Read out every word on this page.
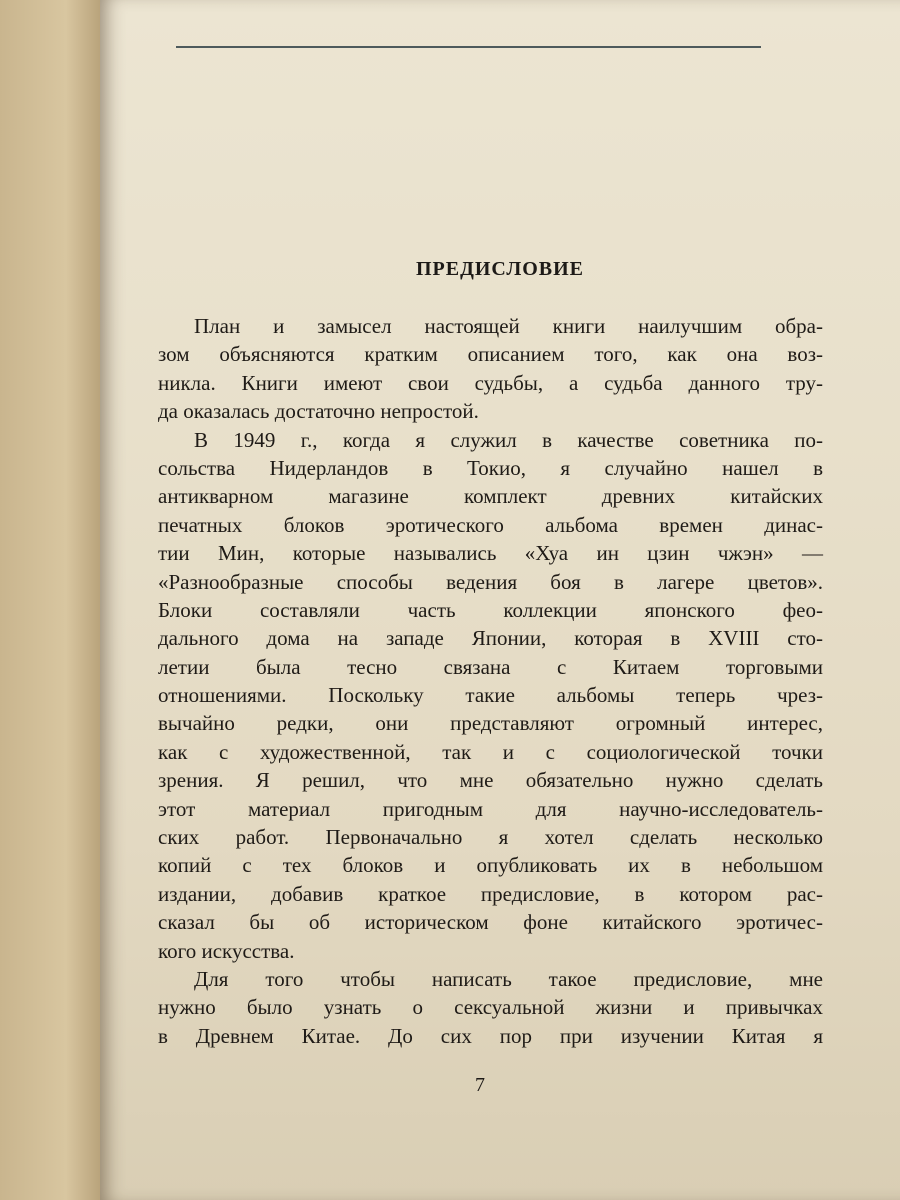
ПРЕДИСЛОВИЕ
План и замысел настоящей книги наилучшим обра-
зом объясняются кратким описанием того, как она воз-
никла. Книги имеют свои судьбы, а судьба данного тру-
да оказалась достаточно непростой.
В 1949 г., когда я служил в качестве советника по-
сольства Нидерландов в Токио, я случайно нашел в
антикварном магазине комплект древних китайских
печатных блоков эротического альбома времен динас-
тии Мин, которые назывались «Хуа ин цзин чжэн» —
«Разнообразные способы ведения боя в лагере цветов».
Блоки составляли часть коллекции японского фео-
дального дома на западе Японии, которая в XVIII сто-
летии была тесно связана с Китаем торговыми
отношениями. Поскольку такие альбомы теперь чрез-
вычайно редки, они представляют огромный интерес,
как с художественной, так и с социологической точки
зрения. Я решил, что мне обязательно нужно сделать
этот материал пригодным для научно-исследователь-
ских работ. Первоначально я хотел сделать несколько
копий с тех блоков и опубликовать их в небольшом
издании, добавив краткое предисловие, в котором рас-
сказал бы об историческом фоне китайского эротичес-
кого искусства.
Для того чтобы написать такое предисловие, мне
нужно было узнать о сексуальной жизни и привычках
в Древнем Китае. До сих пор при изучении Китая я
7
